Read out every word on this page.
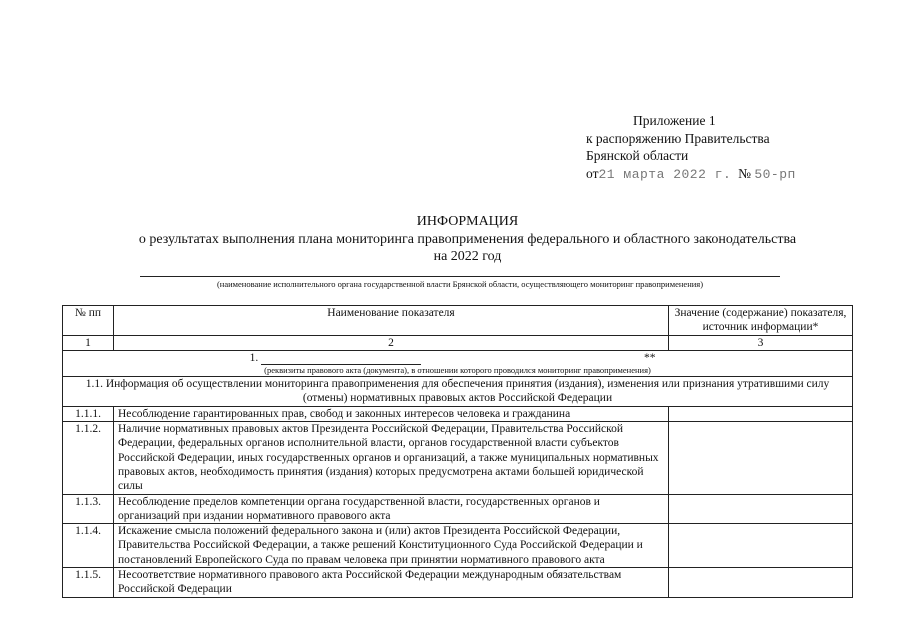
Приложение 1
к распоряжению Правительства
Брянской области
от21 марта 2022 г. № 50-рп
ИНФОРМАЦИЯ
о результатах выполнения плана мониторинга правоприменения федерального и областного законодательства
на 2022 год
(наименование исполнительного органа государственной власти Брянской области, осуществляющего мониторинг правоприменения)
№ пп	Наименование показателя	Значение (содержание) показателя, источник информации*
1	2	3

1. **
(реквизиты правового акта (документа), в отношении которого проводился мониторинг правоприменения)		

1.1. Информация об осуществлении мониторинга правоприменения для обеспечения принятия (издания), изменения или признания утратившими силу (отмены) нормативных правовых актов Российской Федерации		
1.1.1.	Несоблюдение гарантированных прав, свобод и законных интересов человека и гражданина	
1.1.2.	Наличие нормативных правовых актов Президента Российской Федерации, Правительства Российской Федерации, федеральных органов исполнительной власти, органов государственной власти субъектов Российской Федерации, иных государственных органов и организаций, а также муниципальных нормативных правовых актов, необходимость принятия (издания) которых предусмотрена актами большей юридической силы	
1.1.3.	Несоблюдение пределов компетенции органа государственной власти, государственных органов и организаций при издании нормативного правового акта	
1.1.4.	Искажение смысла положений федерального закона и (или) актов Президента Российской Федерации, Правительства Российской Федерации, а также решений Конституционного Суда Российской Федерации и постановлений Европейского Суда по правам человека при принятии нормативного правового акта	
1.1.5.	Несоответствие нормативного правового акта Российской Федерации международным обязательствам Российской Федерации	
